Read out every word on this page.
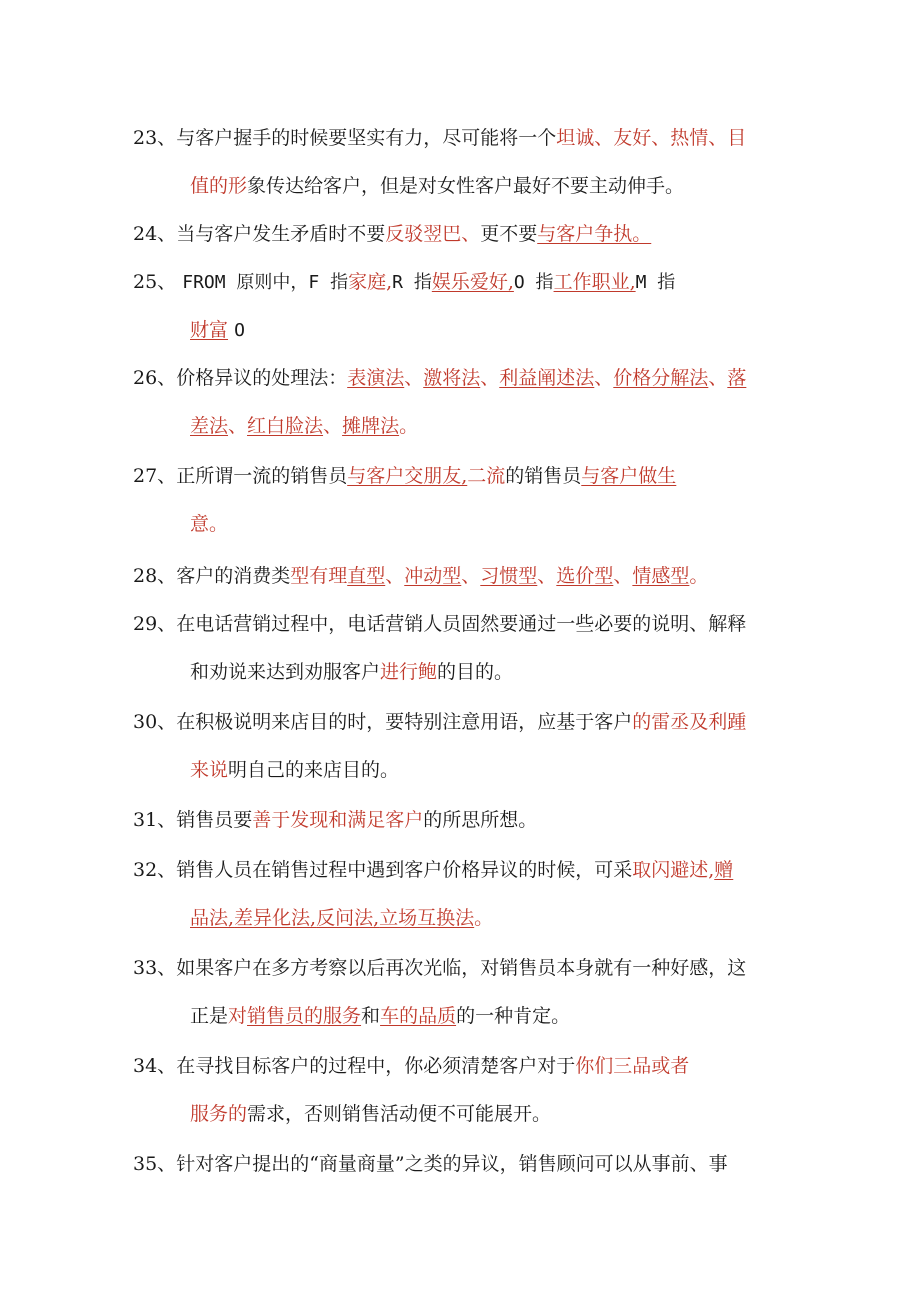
23、与客户握手的时候要坚实有力，尽可能将一个坦诚、友好、热情、目
值的形象传达给客户，但是对女性客户最好不要主动伸手。
24、当与客户发生矛盾时不要反驳翌巴、更不要与客户争执。
25、 FROM 原则中，F 指家庭,R 指娱乐爱好,O 指工作职业,M 指
财富 O
26、价格异议的处理法：表演法、激将法、利益阐述法、价格分解法、落
差法、红白脸法、摊牌法。
27、正所谓一流的销售员与客户交朋友,二流的销售员与客户做生
意。
28、客户的消费类型有理直型、冲动型、习惯型、选价型、情感型。
29、在电话营销过程中，电话营销人员固然要通过一些必要的说明、解释
和劝说来达到劝服客户进行鲍的目的。
30、在积极说明来店目的时，要特别注意用语，应基于客户的雷丞及利踵
来说明自己的来店目的。
31、销售员要善于发现和满足客户的所思所想。
32、销售人员在销售过程中遇到客户价格异议的时候，可采取闪避述,赠
品法,差异化法,反问法,立场互换法。
33、如果客户在多方考察以后再次光临，对销售员本身就有一种好感，这
正是对销售员的服务和车的品质的一种肯定。
34、在寻找目标客户的过程中，你必须清楚客户对于你们三品或者
服务的需求，否则销售活动便不可能展开。
35、针对客户提出的“商量商量”之类的异议，销售顾问可以从事前、事
